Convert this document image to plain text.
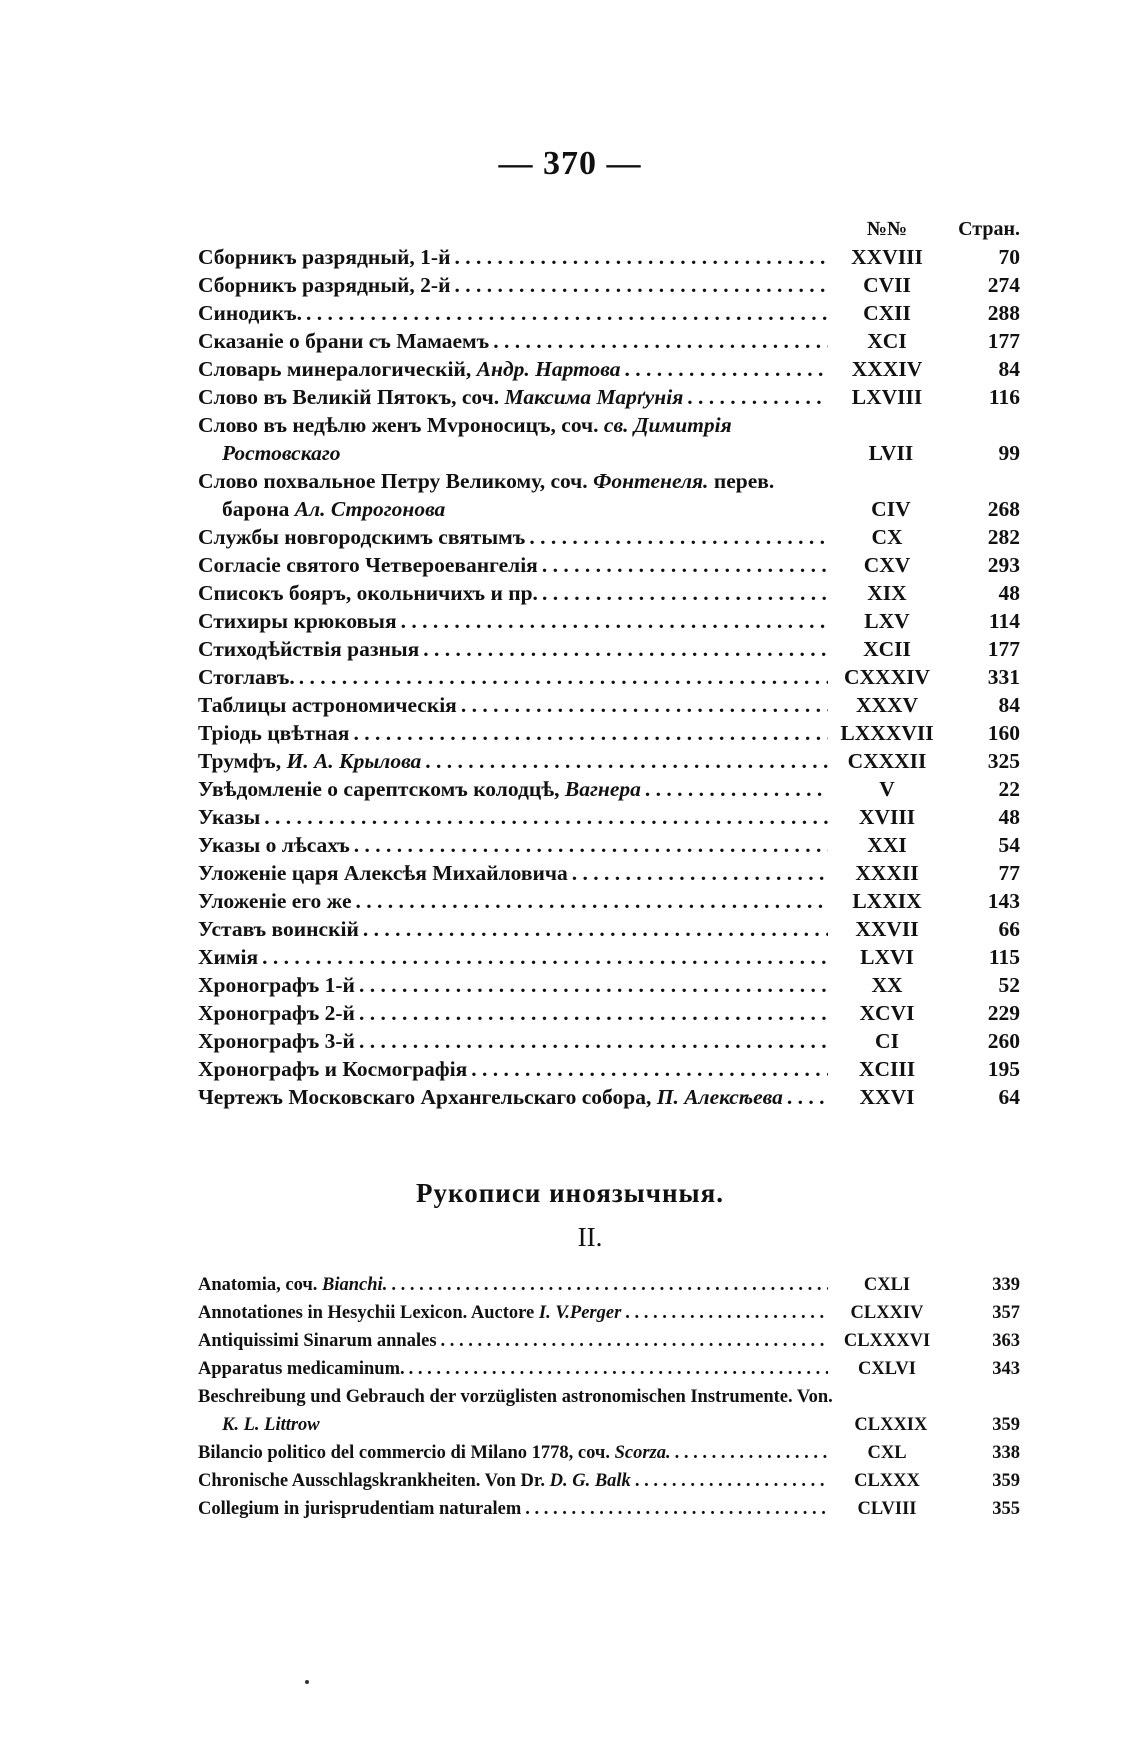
— 370 —
№№	Стран.
Сборникъ разрядный, 1-й . . .	XXVIII	70
Сборникъ разрядный, 2-й . . .	CVII	274
Синодикъ. . . .	CXII	288
Сказаніе о брани съ Мамаемъ . . .	XCI	177
Словарь минералогическій, Андр. Нартова . . .	XXXIV	84
Слово въ Великій Пятокъ, соч. Максима Марґунія . . .	LXVIII	116
Слово въ недѣлю женъ Мvроносицъ, соч. св. Димитрія Ростовскаго	LVII	99
Слово похвальное Петру Великому, соч. Фонтенеля. перев. барона Ал. Строгонова	CIV	268
Службы новгородскимъ святымъ . . .	CX	282
Согласіе святого Четвероевангелія . . .	CXV	293
Списокъ бояръ, окольничихъ и пр. . . .	XIX	48
Стихиры крюковыя . . .	LXV	114
Стиходѣйствія разныя . . .	XCII	177
Стоглавъ. . . .	CXXXIV	331
Таблицы астрономическія . . .	XXXV	84
Тріодь цвѣтная . . .	LXXXVII	160
Трумфъ, И. А. Крылова . . .	CXXXII	325
Увѣдомленіе о сарептскомъ колодцѣ, Вагнера . . .	V	22
Указы . . .	XVIII	48
Указы о лѣсахъ . . .	XXI	54
Уложеніе царя Алексѣя Михайловича . . .	XXXII	77
Уложеніе его же . . .	LXXIX	143
Уставъ воинскій . . .	XXVII	66
Химія . . .	LXVI	115
Хронографъ 1-й . . .	XX	52
Хронографъ 2-й . . .	XCVI	229
Хронографъ 3-й . . .	CI	260
Хронографъ и Космографія . . .	XCIII	195
Чертежъ Московскаго Архангельскаго собора, П. Алексѣева . . .	XXVI	64
Рукописи иноязычныя.
II.
Anatomia, соч. Bianchi. . . .	CXLI	339
Annotationes in Hesychii Lexicon. Auctore I. V.Perger . . .	CLXXIV	357
Antiquissimi Sinarum annales . . .	CLXXXVI	363
Apparatus medicaminum. . . .	CXLVI	343
Beschreibung und Gebrauch der vorzüglisten astronomischen Instrumente. Von. K. L. Littrow	CLXXIX	359
Bilancio politico del commercio di Milano 1778, соч. Scorza. . . .	CXL	338
Chronische Ausschlagskrankheiten. Von Dr. D. G. Balk . . .	CLXXX	359
Collegium in jurisprudentiam naturalem . . .	CLVIII	355
